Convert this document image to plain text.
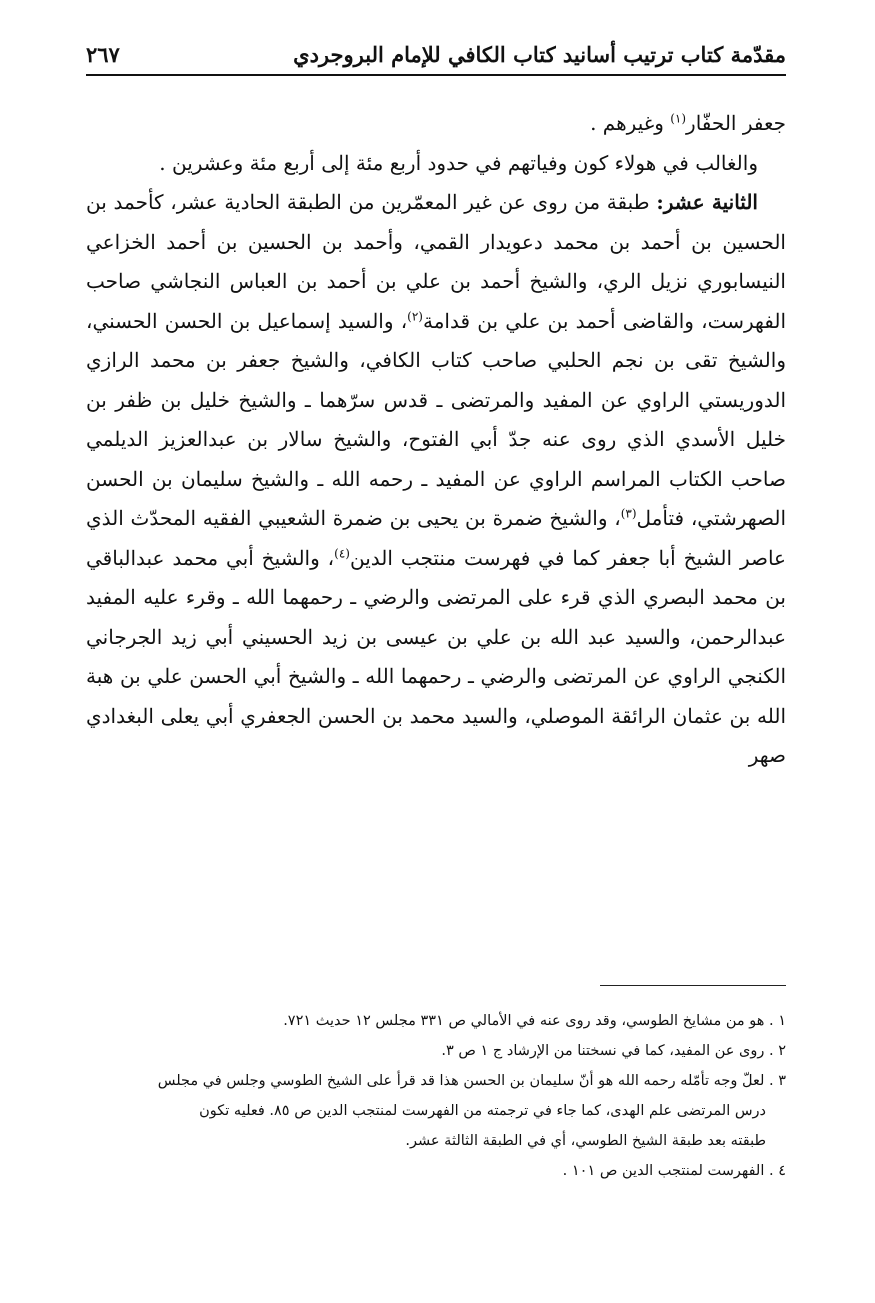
مقدّمة كتاب ترتيب أسانيد كتاب الكافي للإمام البروجردي
٢٦٧

جعفر الحفّار$^{(١)}$ وغيرهم .

والغالب في هولاء كون وفياتهم في حدود أربع مئة إلى أربع مئة وعشرين .

الثانية عشر: طبقة من روى عن غير المعمّرين من الطبقة الحادية عشر، كأحمد بن الحسين بن أحمد بن محمد دعويدار القمي، وأحمد بن الحسين بن أحمد الخزاعي النيسابوري نزيل الري، والشيخ أحمد بن علي بن أحمد بن العباس النجاشي صاحب الفهرست، والقاضى أحمد بن علي بن قدامة$^{(٢)}$، والسيد إسماعيل بن الحسن الحسني، والشيخ تقى بن نجم الحلبي صاحب كتاب الكافي، والشيخ جعفر بن محمد الرازي الدوريستي الراوي عن المفيد والمرتضى ـ قدس سرّهما ـ والشيخ خليل بن ظفر بن خليل الأسدي الذي روى عنه جدّ أبي الفتوح، والشيخ سالار بن عبدالعزيز الديلمي صاحب الكتاب المراسم الراوي عن المفيد ـ رحمه الله ـ والشيخ سليمان بن الحسن الصهرشتي، فتأمل$^{(٣)}$، والشيخ ضمرة بن يحيى بن ضمرة الشعيبي الفقيه المحدّث الذي عاصر الشيخ أبا جعفر كما في فهرست منتجب الدين$^{(٤)}$، والشيخ أبي محمد عبدالباقي بن محمد البصري الذي قرء على المرتضى والرضي ـ رحمهما الله ـ وقرء عليه المفيد عبدالرحمن، والسيد عبد الله بن علي بن عيسى بن زيد الحسيني أبي زيد الجرجاني الكنجي الراوي عن المرتضى والرضي ـ رحمهما الله ـ والشيخ أبي الحسن علي بن هبة الله بن عثمان الرائقة الموصلي، والسيد محمد بن الحسن الجعفري أبي يعلى البغدادي صهر

١ . هو من مشايخ الطوسي، وقد روى عنه في الأمالي ص ٣٣١ مجلس ١٢ حديث ٧٢١.

٢ . روى عن المفيد، كما في نسختنا من الإرشاد ج ١ ص ٣.

٣ . لعلّ وجه تأمّله رحمه الله هو أنّ سليمان بن الحسن هذا قد قرأ على الشيخ الطوسي وجلس في مجلس

درس المرتضى علم الهدى، كما جاء في ترجمته من الفهرست لمنتجب الدين ص ٨٥. فعليه تكون

طبقته بعد طبقة الشيخ الطوسي، أي في الطبقة الثالثة عشر.

٤ . الفهرست لمنتجب الدين ص ١٠١ .
